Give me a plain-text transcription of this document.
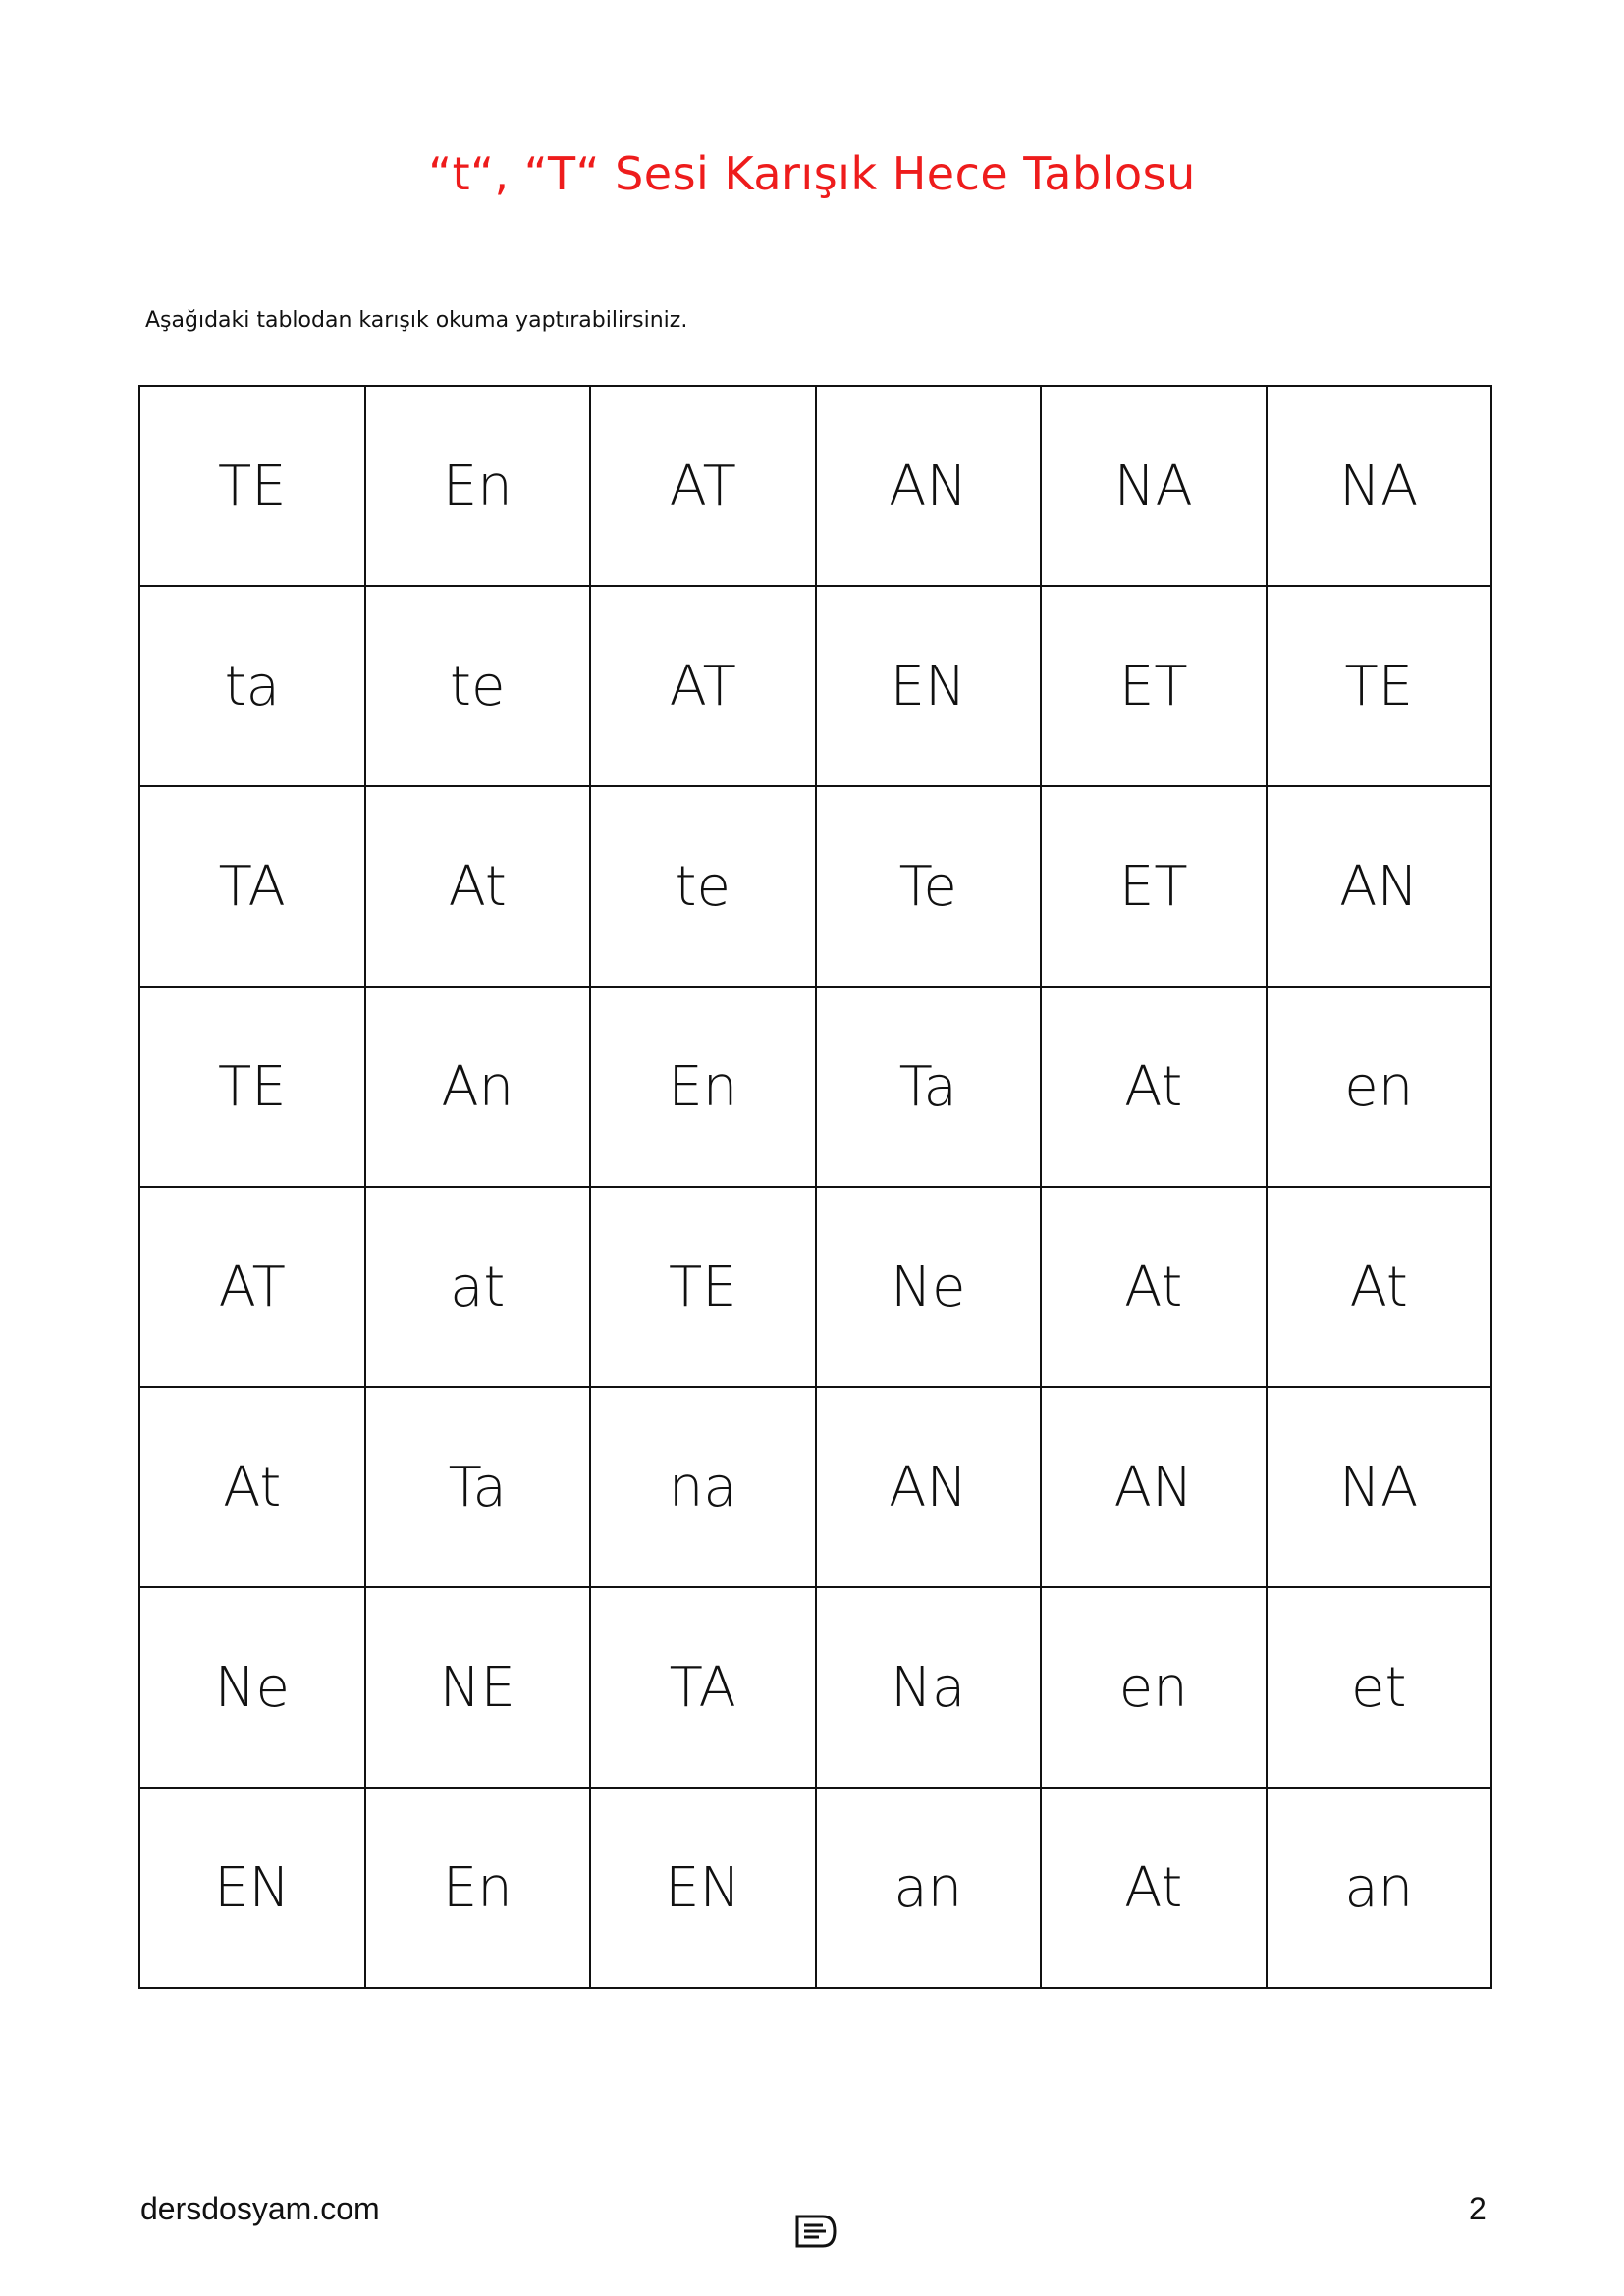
“t“, “T“ Sesi Karışık Hece Tablosu
Aşağıdaki tablodan karışık okuma yaptırabilirsiniz.
TE	En	AT	AN	NA	NA
ta	te	AT	EN	ET	TE
TA	At	te	Te	ET	AN
TE	An	En	Ta	At	en
AT	at	TE	Ne	At	At
At	Ta	na	AN	AN	NA
Ne	NE	TA	Na	en	et
EN	En	EN	an	At	an
dersdosyam.com	2
